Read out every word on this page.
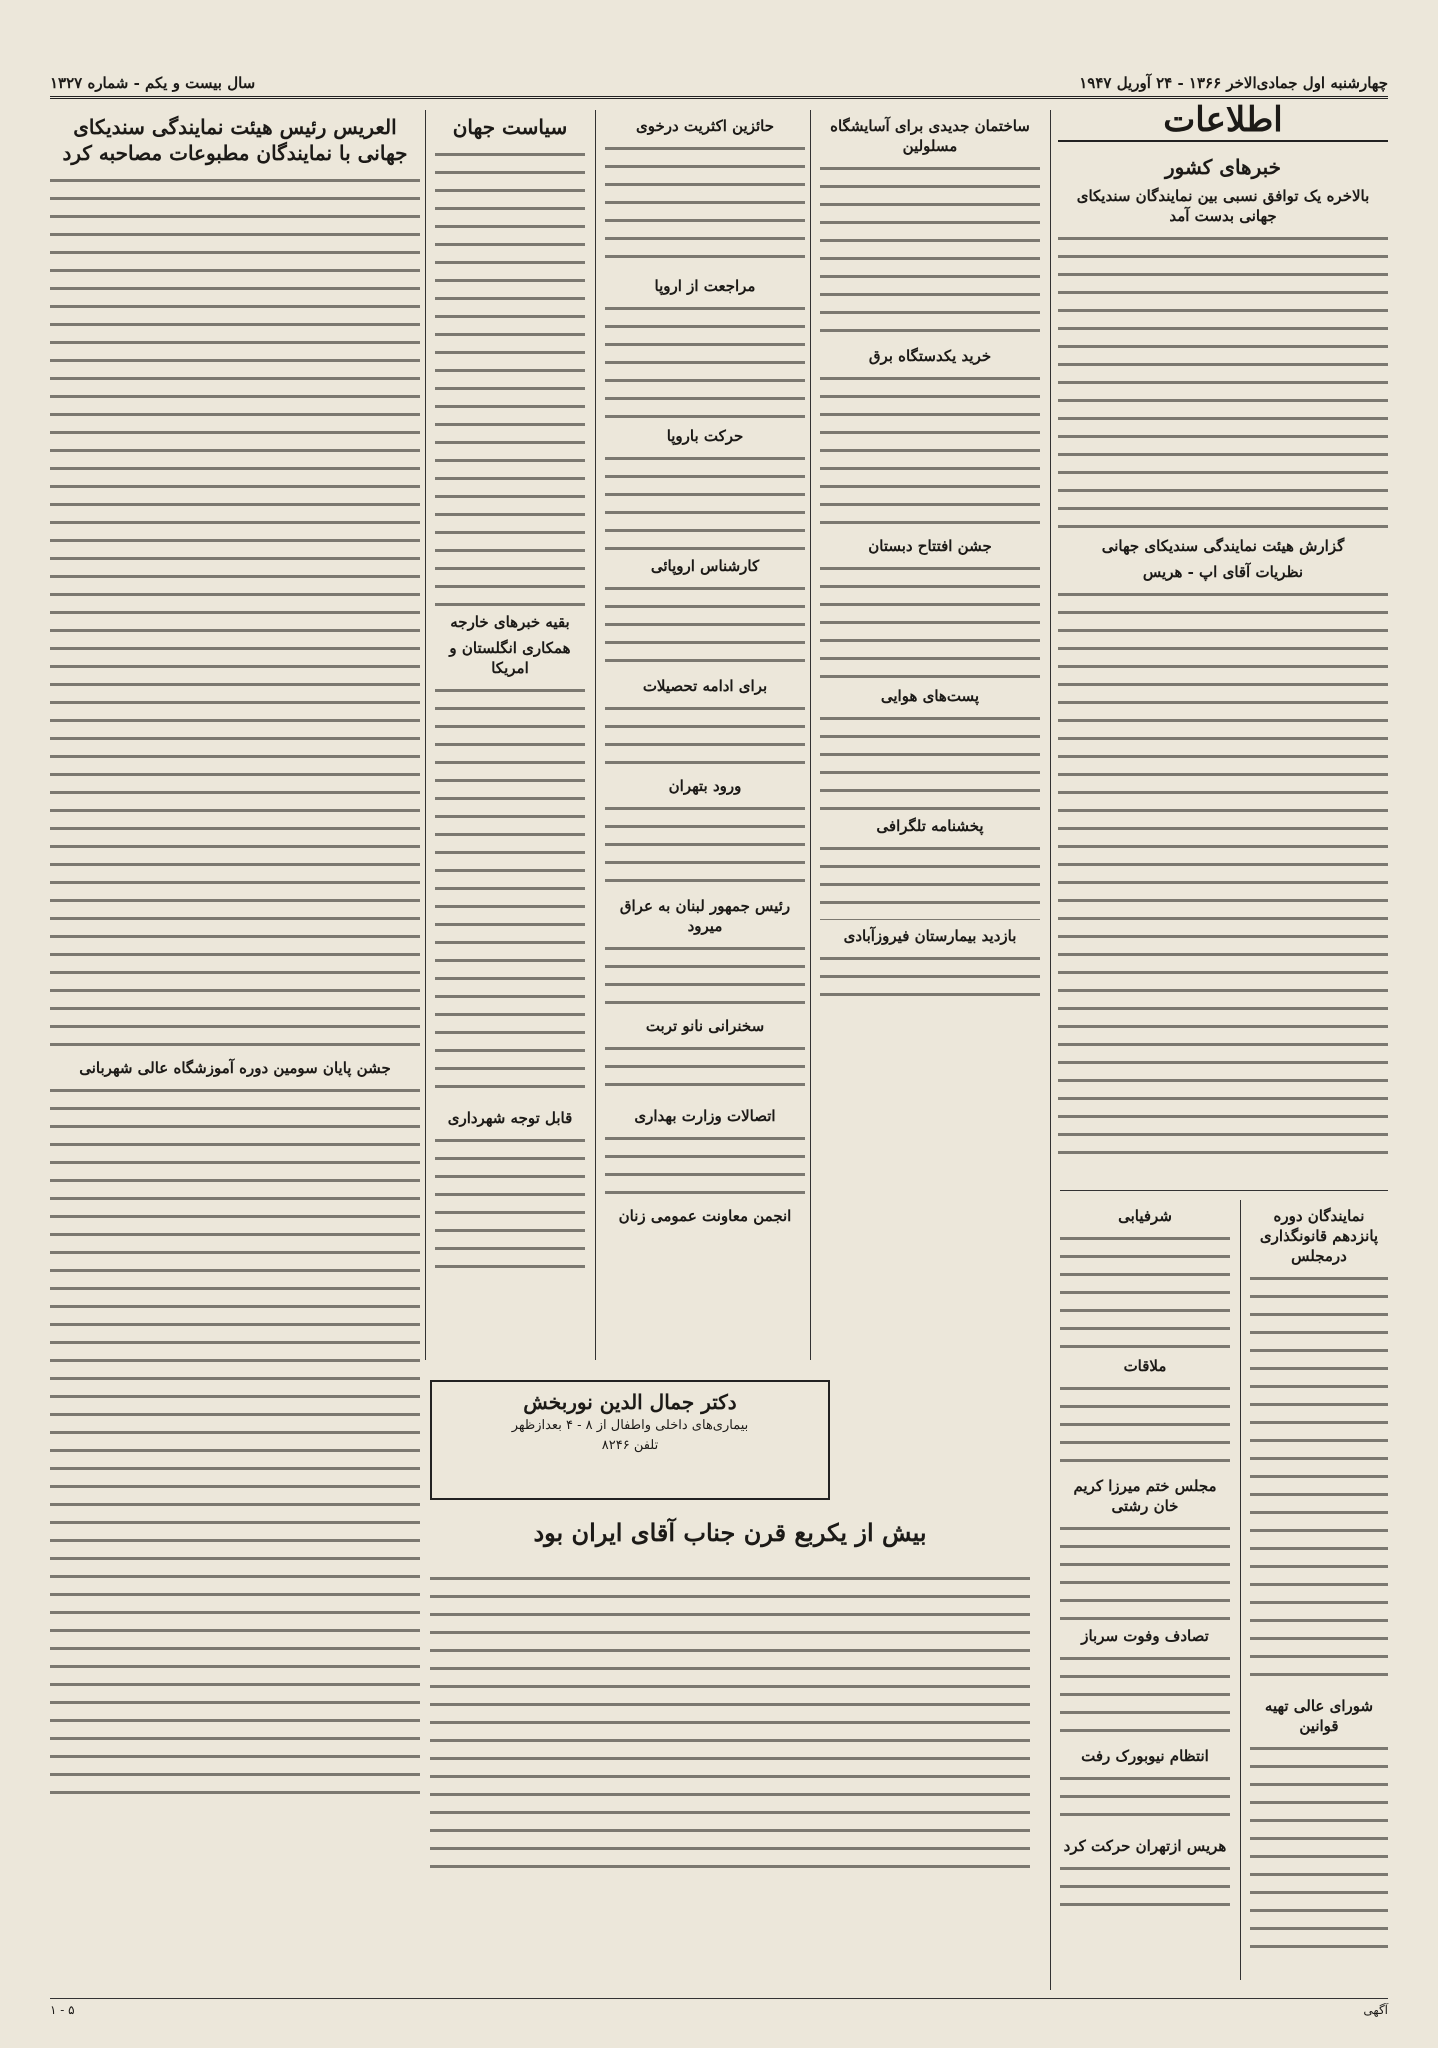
چهارشنبه اول جمادی‌الاخر ۱۳۶۶ - ۲۴ آوریل ۱۹۴۷
سال بیست و یکم - شماره ۱۳۲۷
اطلاعات
خبرهای کشور
بالاخره یک توافق نسبی بین نمایندگان سندیکای جهانی بدست آمد
گزارش هیئت نمایندگی سندیکای جهانی
نظریات آقای اپ - هریس
ساختمان جدیدی برای آسایشگاه مسلولین
خرید یکدستگاه برق
جشن افتتاح دبستان
پست‌های هوایی
پخشنامه تلگرافی
بازدید بیمارستان فیروزآبادی
حائزین اکثریت درخوی
مراجعت از اروپا
حرکت باروپا
کارشناس اروپائی
برای ادامه تحصیلات
ورود بتهران
رئیس جمهور لبنان به عراق میرود
سخنرانی نانو تربت
اتصالات وزارت بهداری
انجمن معاونت عمومی زنان
سیاست جهان
بقیه خبرهای خارجه
همکاری انگلستان و امریکا
قابل توجه شهرداری
العریس رئیس هیئت نمایندگی سندیکای جهانی با نمایندگان مطبوعات مصاحبه کرد
جشن پایان سومین دوره آموزشگاه عالی شهربانی
شرفیابی
ملاقات
مجلس ختم میرزا کریم خان رشتی
تصادف وفوت سرباز
انتظام نیوبورک رفت
هریس ازتهران حرکت کرد
نمایندگان دوره پانزدهم قانونگذاری درمجلس
شورای عالی تهیه قوانین
دکتر جمال الدین نوربخش
بیماری‌های داخلی واطفال از ۸ - ۴ بعدازظهر
تلفن ۸۲۴۶
بیش از یکربع قرن جناب آقای ایران بود
۵ - ۱	آگهی
